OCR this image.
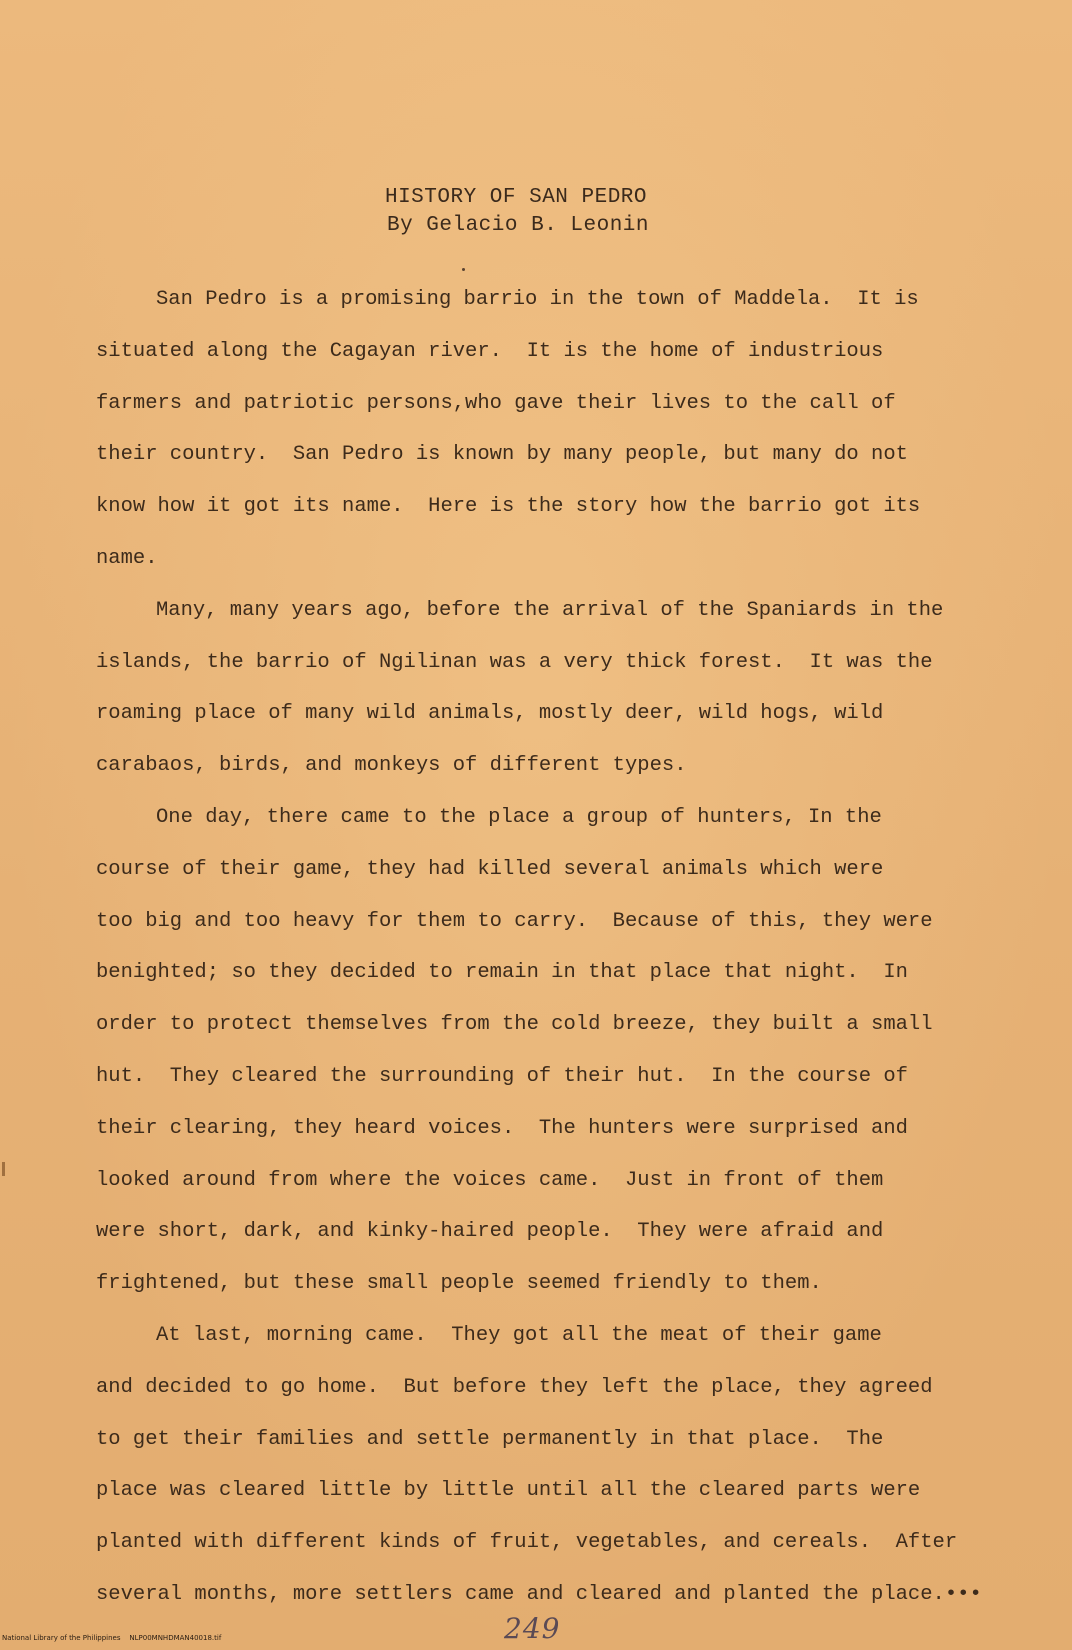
HISTORY OF SAN PEDRO
By Gelacio B. Leonin
San Pedro is a promising barrio in the town of Maddela.  It is
situated along the Cagayan river.  It is the home of industrious
farmers and patriotic persons,who gave their lives to the call of
their country.  San Pedro is known by many people, but many do not
know how it got its name.  Here is the story how the barrio got its
name.
Many, many years ago, before the arrival of the Spaniards in the
islands, the barrio of Ngilinan was a very thick forest.  It was the
roaming place of many wild animals, mostly deer, wild hogs, wild
carabaos, birds, and monkeys of different types.
One day, there came to the place a group of hunters, In the
course of their game, they had killed several animals which were
too big and too heavy for them to carry.  Because of this, they were
benighted; so they decided to remain in that place that night.  In
order to protect themselves from the cold breeze, they built a small
hut.  They cleared the surrounding of their hut.  In the course of
their clearing, they heard voices.  The hunters were surprised and
looked around from where the voices came.  Just in front of them
were short, dark, and kinky-haired people.  They were afraid and
frightened, but these small people seemed friendly to them.
At last, morning came.  They got all the meat of their game
and decided to go home.  But before they left the place, they agreed
to get their families and settle permanently in that place.  The
place was cleared little by little until all the cleared parts were
planted with different kinds of fruit, vegetables, and cereals.  After
several months, more settlers came and cleared and planted the place.•••
249
National Library of the Philippines    NLP00MNHDMAN40018.tif
